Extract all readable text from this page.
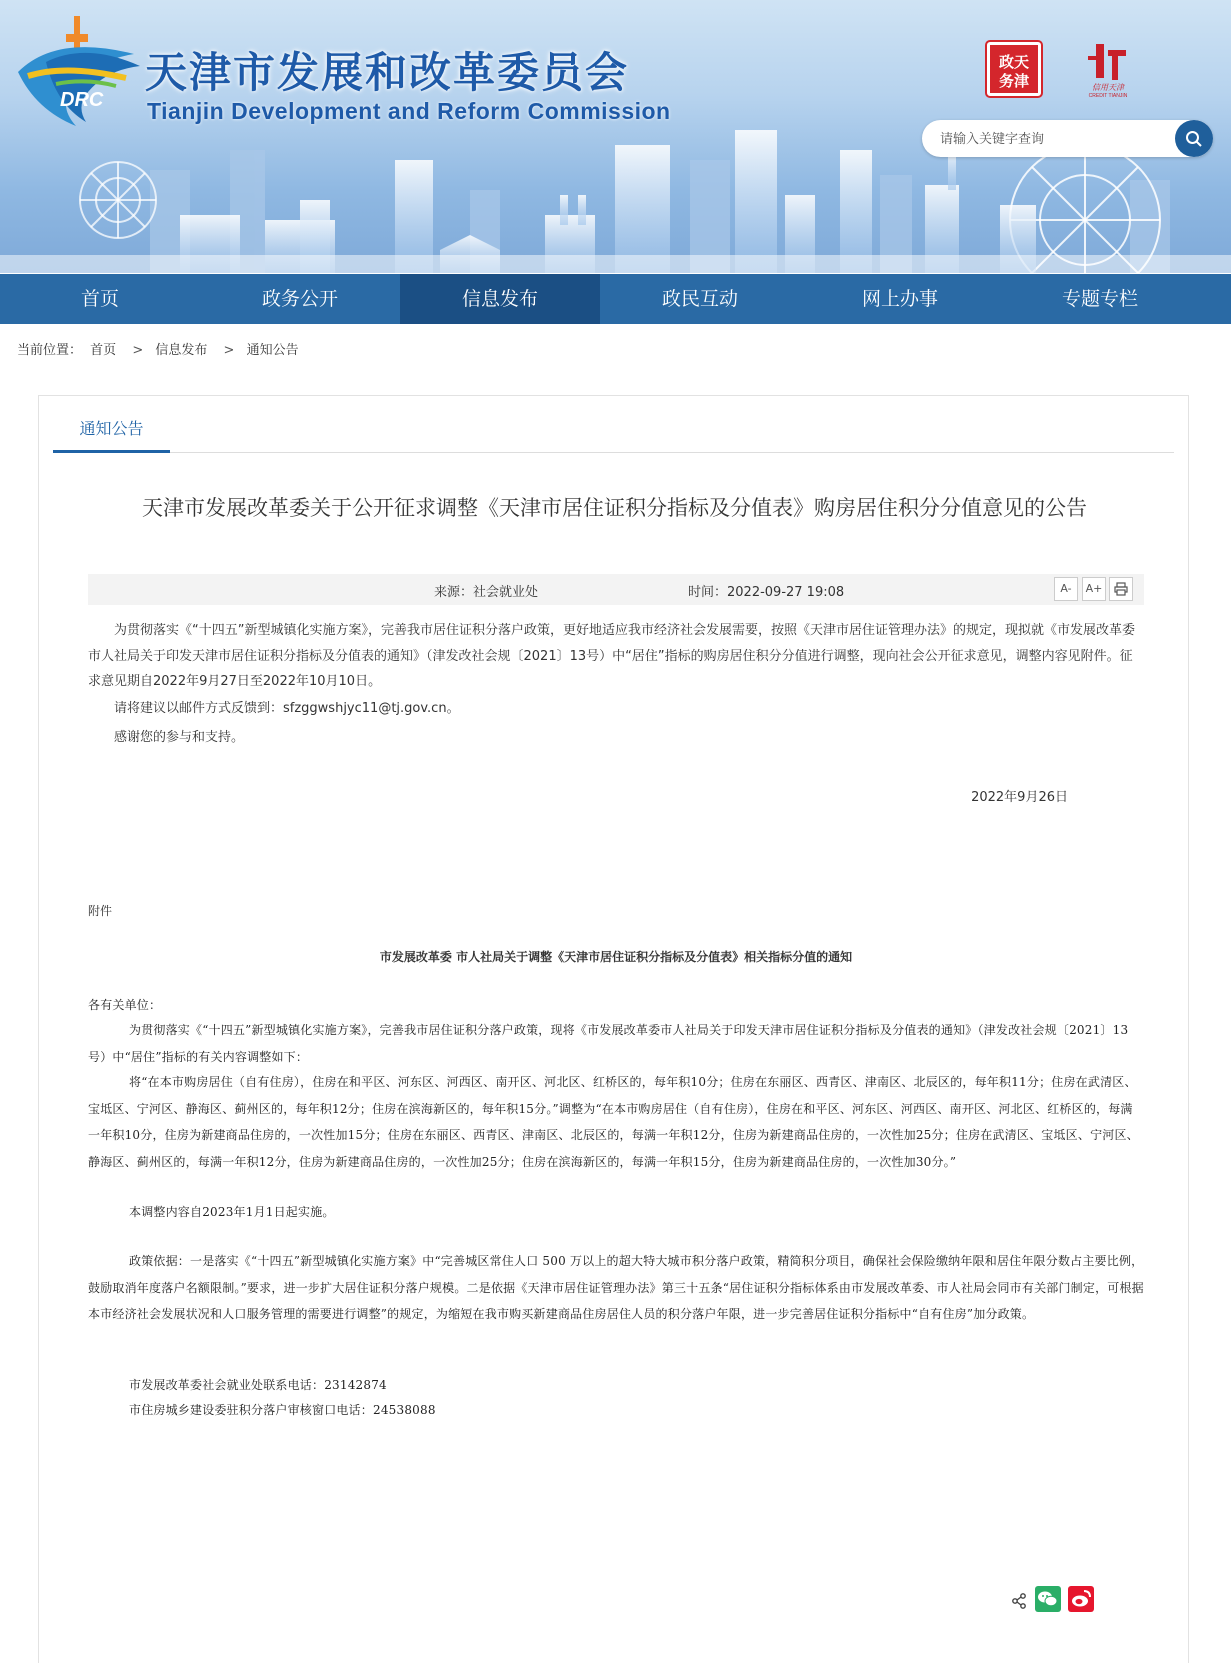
DRC
天津市发展和改革委员会
Tianjin Development and Reform Commission
政天
务津	信用天津
CREDIT TIANJIN
请输入关键字查询
首页	政务公开	信息发布	政民互动	网上办事	专题专栏
当前位置： 首页 > 信息发布 > 通知公告
通知公告
天津市发展改革委关于公开征求调整《天津市居住证积分指标及分值表》购房居住积分分值意见的公告
来源：社会就业处	时间：2022-09-27 19:08	A-	A+
为贯彻落实《“十四五”新型城镇化实施方案》，完善我市居住证积分落户政策，更好地适应我市经济社会发展需要，按照《天津市居住证管理办法》的规定，现拟就《市发展改革委市人社局关于印发天津市居住证积分指标及分值表的通知》（津发改社会规〔2021〕13号）中“居住”指标的购房居住积分分值进行调整，现向社会公开征求意见，调整内容见附件。征求意见期自2022年9月27日至2022年10月10日。
请将建议以邮件方式反馈到：sfzggwshjyc11@tj.gov.cn。
感谢您的参与和支持。
2022年9月26日
附件
市发展改革委 市人社局关于调整《天津市居住证积分指标及分值表》相关指标分值的通知
各有关单位：
为贯彻落实《“十四五”新型城镇化实施方案》，完善我市居住证积分落户政策，现将《市发展改革委市人社局关于印发天津市居住证积分指标及分值表的通知》（津发改社会规〔2021〕13号）中“居住”指标的有关内容调整如下：
将“在本市购房居住（自有住房），住房在和平区、河东区、河西区、南开区、河北区、红桥区的，每年积10分；住房在东丽区、西青区、津南区、北辰区的，每年积11分；住房在武清区、宝坻区、宁河区、静海区、蓟州区的，每年积12分；住房在滨海新区的，每年积15分。”调整为“在本市购房居住（自有住房），住房在和平区、河东区、河西区、南开区、河北区、红桥区的，每满一年积10分，住房为新建商品住房的，一次性加15分；住房在东丽区、西青区、津南区、北辰区的，每满一年积12分，住房为新建商品住房的，一次性加25分；住房在武清区、宝坻区、宁河区、静海区、蓟州区的，每满一年积12分，住房为新建商品住房的，一次性加25分；住房在滨海新区的，每满一年积15分，住房为新建商品住房的，一次性加30分。”
本调整内容自2023年1月1日起实施。
政策依据：一是落实《“十四五”新型城镇化实施方案》中“完善城区常住人口 500 万以上的超大特大城市积分落户政策，精简积分项目，确保社会保险缴纳年限和居住年限分数占主要比例，鼓励取消年度落户名额限制。”要求，进一步扩大居住证积分落户规模。二是依据《天津市居住证管理办法》第三十五条“居住证积分指标体系由市发展改革委、市人社局会同市有关部门制定，可根据本市经济社会发展状况和人口服务管理的需要进行调整”的规定，为缩短在我市购买新建商品住房居住人员的积分落户年限，进一步完善居住证积分指标中“自有住房”加分政策。
市发展改革委社会就业处联系电话：23142874
市住房城乡建设委驻积分落户审核窗口电话：24538088
